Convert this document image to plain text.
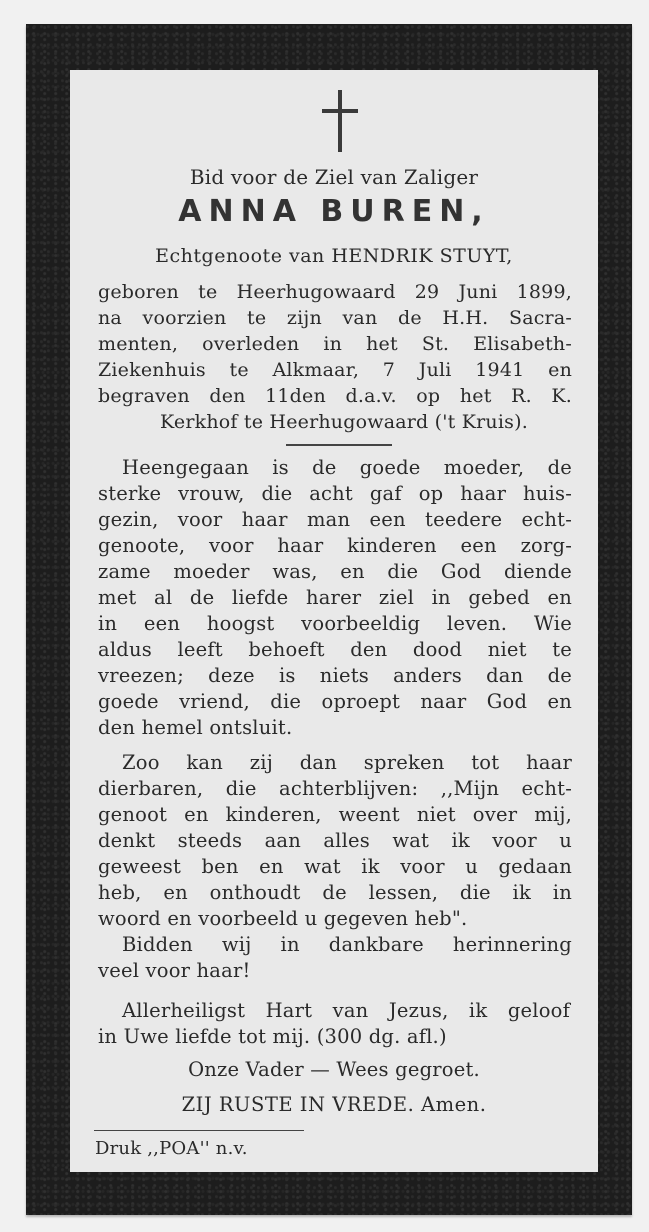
Bid voor de Ziel van Zaliger
ANNA BUREN,
Echtgenoote van HENDRIK STUYT,
geboren te Heerhugowaard 29 Juni 1899,
na voorzien te zijn van de H.H. Sacra-
menten, overleden in het St. Elisabeth-
Ziekenhuis te Alkmaar, 7 Juli 1941 en
begraven den 11den d.a.v. op het R. K.
Kerkhof te Heerhugowaard ('t Kruis).
Heengegaan is de goede moeder, de
sterke vrouw, die acht gaf op haar huis-
gezin, voor haar man een teedere echt-
genoote, voor haar kinderen een zorg-
zame moeder was, en die God diende
met al de liefde harer ziel in gebed en
in een hoogst voorbeeldig leven. Wie
aldus leeft behoeft den dood niet te
vreezen; deze is niets anders dan de
goede vriend, die oproept naar God en
den hemel ontsluit.
Zoo kan zij dan spreken tot haar
dierbaren, die achterblijven: ,,Mijn echt-
genoot en kinderen, weent niet over mij,
denkt steeds aan alles wat ik voor u
geweest ben en wat ik voor u gedaan
heb, en onthoudt de lessen, die ik in
woord en voorbeeld u gegeven heb".
Bidden wij in dankbare herinnering
veel voor haar!
Allerheiligst Hart van Jezus, ik geloof
in Uwe liefde tot mij. (300 dg. afl.)
Onze Vader — Wees gegroet.
ZIJ RUSTE IN VREDE. Amen.
Druk ,,POA'' n.v.
